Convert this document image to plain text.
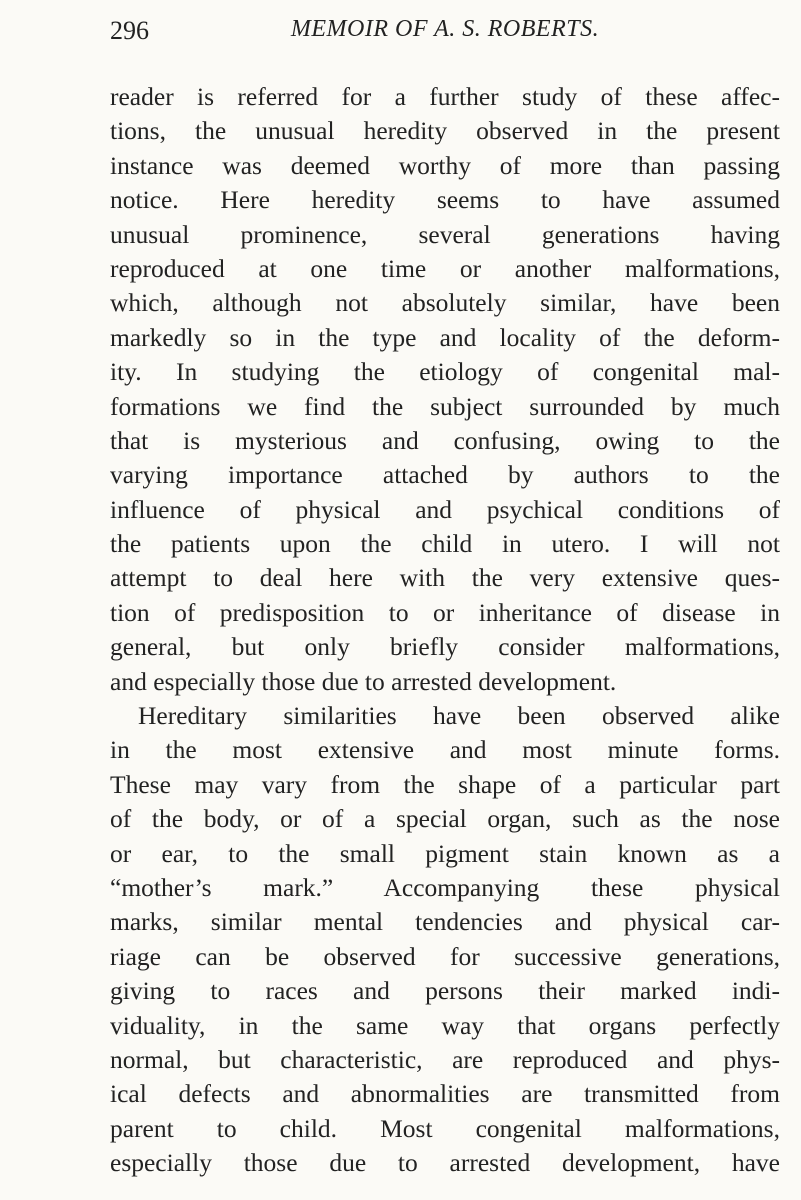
296	MEMOIR OF A. S. ROBERTS.
reader is referred for a further study of these affec-
tions, the unusual heredity observed in the present
instance was deemed worthy of more than passing
notice. Here heredity seems to have assumed
unusual prominence, several generations having
reproduced at one time or another malformations,
which, although not absolutely similar, have been
markedly so in the type and locality of the deform-
ity. In studying the etiology of congenital mal-
formations we find the subject surrounded by much
that is mysterious and confusing, owing to the
varying importance attached by authors to the
influence of physical and psychical conditions of
the patients upon the child in utero. I will not
attempt to deal here with the very extensive ques-
tion of predisposition to or inheritance of disease in
general, but only briefly consider malformations,
and especially those due to arrested development.
Hereditary similarities have been observed alike
in the most extensive and most minute forms.
These may vary from the shape of a particular part
of the body, or of a special organ, such as the nose
or ear, to the small pigment stain known as a
“mother’s mark.” Accompanying these physical
marks, similar mental tendencies and physical car-
riage can be observed for successive generations,
giving to races and persons their marked indi-
viduality, in the same way that organs perfectly
normal, but characteristic, are reproduced and phys-
ical defects and abnormalities are transmitted from
parent to child. Most congenital malformations,
especially those due to arrested development, have
